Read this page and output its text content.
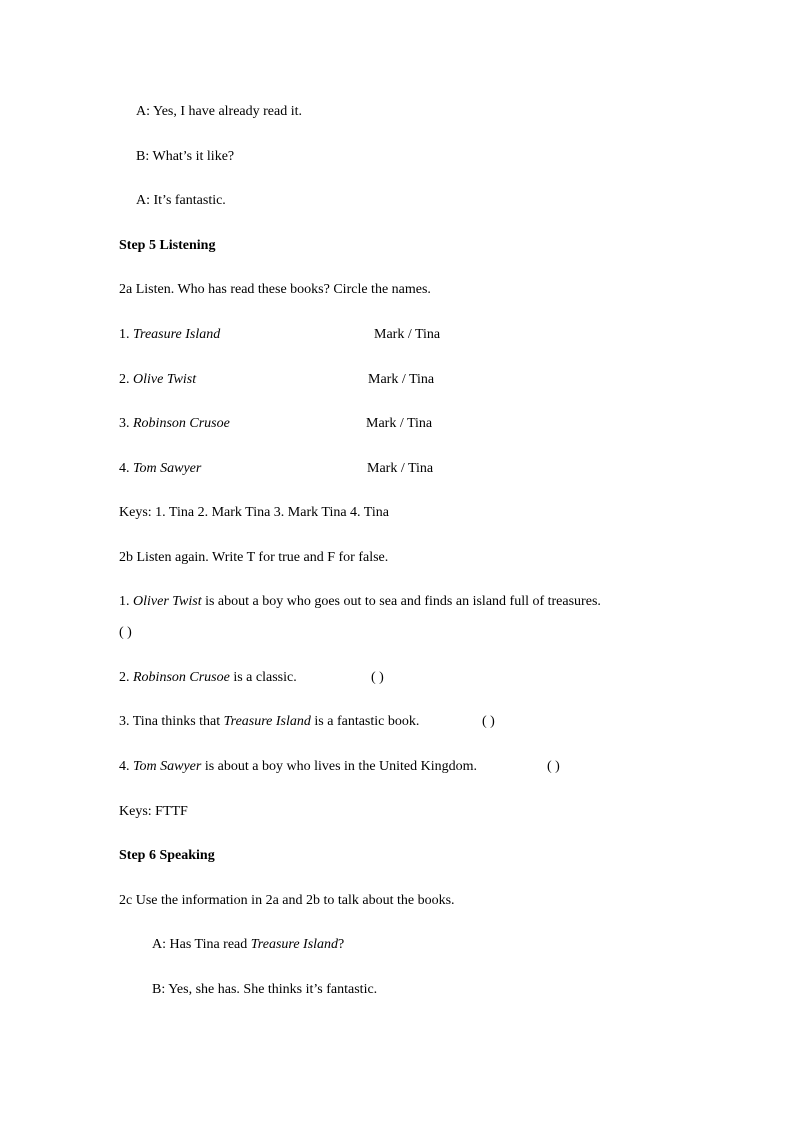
A: Yes, I have already read it.
B: What’s it like?
A: It’s fantastic.
Step 5 Listening
2a Listen. Who has read these books? Circle the names.
1. Treasure Island	Mark / Tina
2. Olive Twist	Mark / Tina
3. Robinson Crusoe	Mark / Tina
4. Tom Sawyer	Mark / Tina
Keys: 1. Tina 2. Mark Tina 3. Mark Tina 4. Tina
2b Listen again. Write T for true and F for false.
1. Oliver Twist is about a boy who goes out to sea and finds an island full of treasures.
( )
2. Robinson Crusoe is a classic.	( )
3. Tina thinks that Treasure Island is a fantastic book.	( )
4. Tom Sawyer is about a boy who lives in the United Kingdom.	( )
Keys: FTTF
Step 6 Speaking
2c Use the information in 2a and 2b to talk about the books.
A: Has Tina read Treasure Island?
B: Yes, she has. She thinks it’s fantastic.
